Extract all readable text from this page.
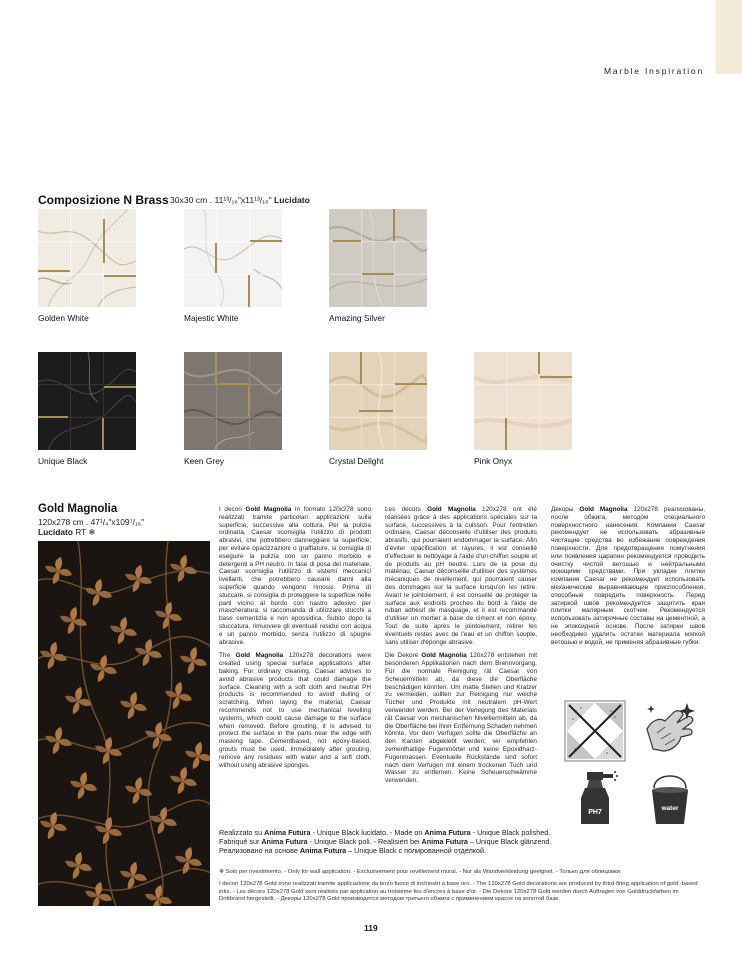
Marble Inspiration
Composizione N Brass 30x30 cm . 11¹³/₁₆"x11¹³/₁₆" Lucidato
Golden White	Majestic White	Amazing Silver
Unique Black	Keen Grey	Crystal Delight	Pink Onyx
Gold Magnolia
120x278 cm . 47¹/₄"x109⁷/₁₆"
Lucidato RT ❄

I decori Gold Magnolia in formato 120x278 sono realizzati tramite particolari applicazioni sulla superficie, successive alla cottura. Per la pulizia ordinaria, Caesar sconsiglia l'utilizzo di prodotti abrasivi, che potrebbero danneggiare la superficie; per evitare opacizzazioni o graffiature, si consiglia di eseguire la pulizia con un panno morbido e detergenti a PH neutro. In fase di posa del materiale, Caesar sconsiglia l'utilizzo di sistemi meccanici livellanti, che potrebbero causare danni alla superficie quando vengono rimossi. Prima di stuccare, si consiglia di proteggere la superficie nelle parti vicino al bordo con nastro adesivo per mascheratura; si raccomanda di utilizzare stucchi a base cementizia e non epossidica. Subito dopo la stuccatura, rimuovere gli eventuali residui con acqua e un panno morbido, senza l'utilizzo di spugne abrasive.

The Gold Magnolia 120x278 decorations were created using special surface applications after baking. For ordinary cleaning, Caesar advises to avoid abrasive products that could damage the surface. Cleaning with a soft cloth and neutral PH products is recommended to avoid dulling or scratching. When laying the material, Caesar recommends not to use mechanical levelling systems, which could cause damage to the surface when removed. Before grouting, it is advised to protect the surface in the parts near the edge with masking tape. Cementbased, not epoxy-based, grouts must be used. Immediately after grouting, remove any residues with water and a soft cloth, without using abrasive sponges.

Les décors Gold Magnolia 120x278 ont été réalisées grâce à des applications spéciales sur la surface, successives à la cuisson. Pour l'entretien ordinaire, Caesar déconseille d'utiliser des produits abrasifs, qui pourraient endommager la surface. Afin d'éviter opacification et rayures, il est conseillé d'effectuer le nettoyage à l'aide d'un chiffon souple et de produits au pH neutre. Lors de la pose du matériau, Caesar déconseille d'utiliser des systèmes mécaniques de nivellement, qui pourraient causer des dommages sur la surface lorsqu'on les retire. Avant le jointoiement, il est conseillé de protéger la surface aux endroits proches du bord à l'aide de ruban adhésif de masquage, et il est recommandé d'utiliser un mortier à base de ciment et non époxy. Tout de suite après le jointoiement, retirer les éventuels restes avec de l'eau et un chiffon souple, sans utiliser d'éponge abrasive.

Die Dekore Gold Magnolia 120x278 entstehen mit besonderen Applikationen nach dem Brennvorgang. Für die normale Reinigung rät Caesar von Scheuermitteln ab, da diese die Oberfläche beschädigen könnten. Um matte Stellen und Kratzer zu vermeiden, sollten zur Reinigung nur weiche Tücher und Produkte mit neutralem pH-Wert verwendet werden. Bei der Verlegung des Materials rät Caesar von mechanischen Nivelliermitteln ab, da die Oberfläche bei ihrer Entfernung Schaden nehmen könnte. Vor dem Verfugen sollte die Oberfläche an den Kanten abgeklebt werden; wir empfehlen zementhaltige Fugenmörtel und keine Epoxidharz- Fugenmassen. Eventuelle Rückstände sind sofort nach dem Verfugen mit einem trockenen Tuch und Wasser zu entfernen. Keine Scheuerschwämme verwenden.

Декоры Gold Magnolia 120x278 реализованы, после обжига, методом специального поверхностного нанесения. Компания Caesar рекомендует не использовать абразивные чистящие средства во избежание повреждения поверхности. Для предотвращения помутнения или появления царапин рекомендуется проводить очистку чистой ветошью и нейтральными моющими средствами. При укладке плитки компания Caesar не рекомендует использовать механические выравнивающие приспособления, способные повредить поверхность. Перед затиркой швов рекомендуется защитить края плитки малярным скотчем. Рекомендуется использовать затирочные составы на цементной, а не эпоксидной основе. После затирки швов необходимо удалить остатки материала мягкой ветошью и водой, не применяя абразивные губки.

PH7
water
Realizzato su Anima Futura - Unique Black lucidato. - Made on Anima Futura - Unique Black polished.
Fabriqué sur Anima Futura - Unique Black poli. - Realisiert bei Anima Futura – Unique Black glänzend.
Реализовано на основе Anima Futura – Unique Black с полированной отделкой.
❄ Solo per rivestimento. - Only for wall application. - Exclusivement pour revêtement mural. - Nur als Wandverkleidung geeignet. - Только для облицовки.
I decori 120x278 Gold sono realizzati tramite applicazione da terzo fuoco di inchiostri a base oro. - The 120x278 Gold decorations are produced by third-firing application of gold -based inks. - Les décors 120x278 Gold sont réalisés par application au troisième feu d'encres à base d'or. - Die Dekore 120x278 Gold werden durch Auftragen von Golddruckfarben im Drittbrand hergestellt. - Декоры 120x278 Gold производятся методом третьего обжига с применением красок на золотой базе.
119
